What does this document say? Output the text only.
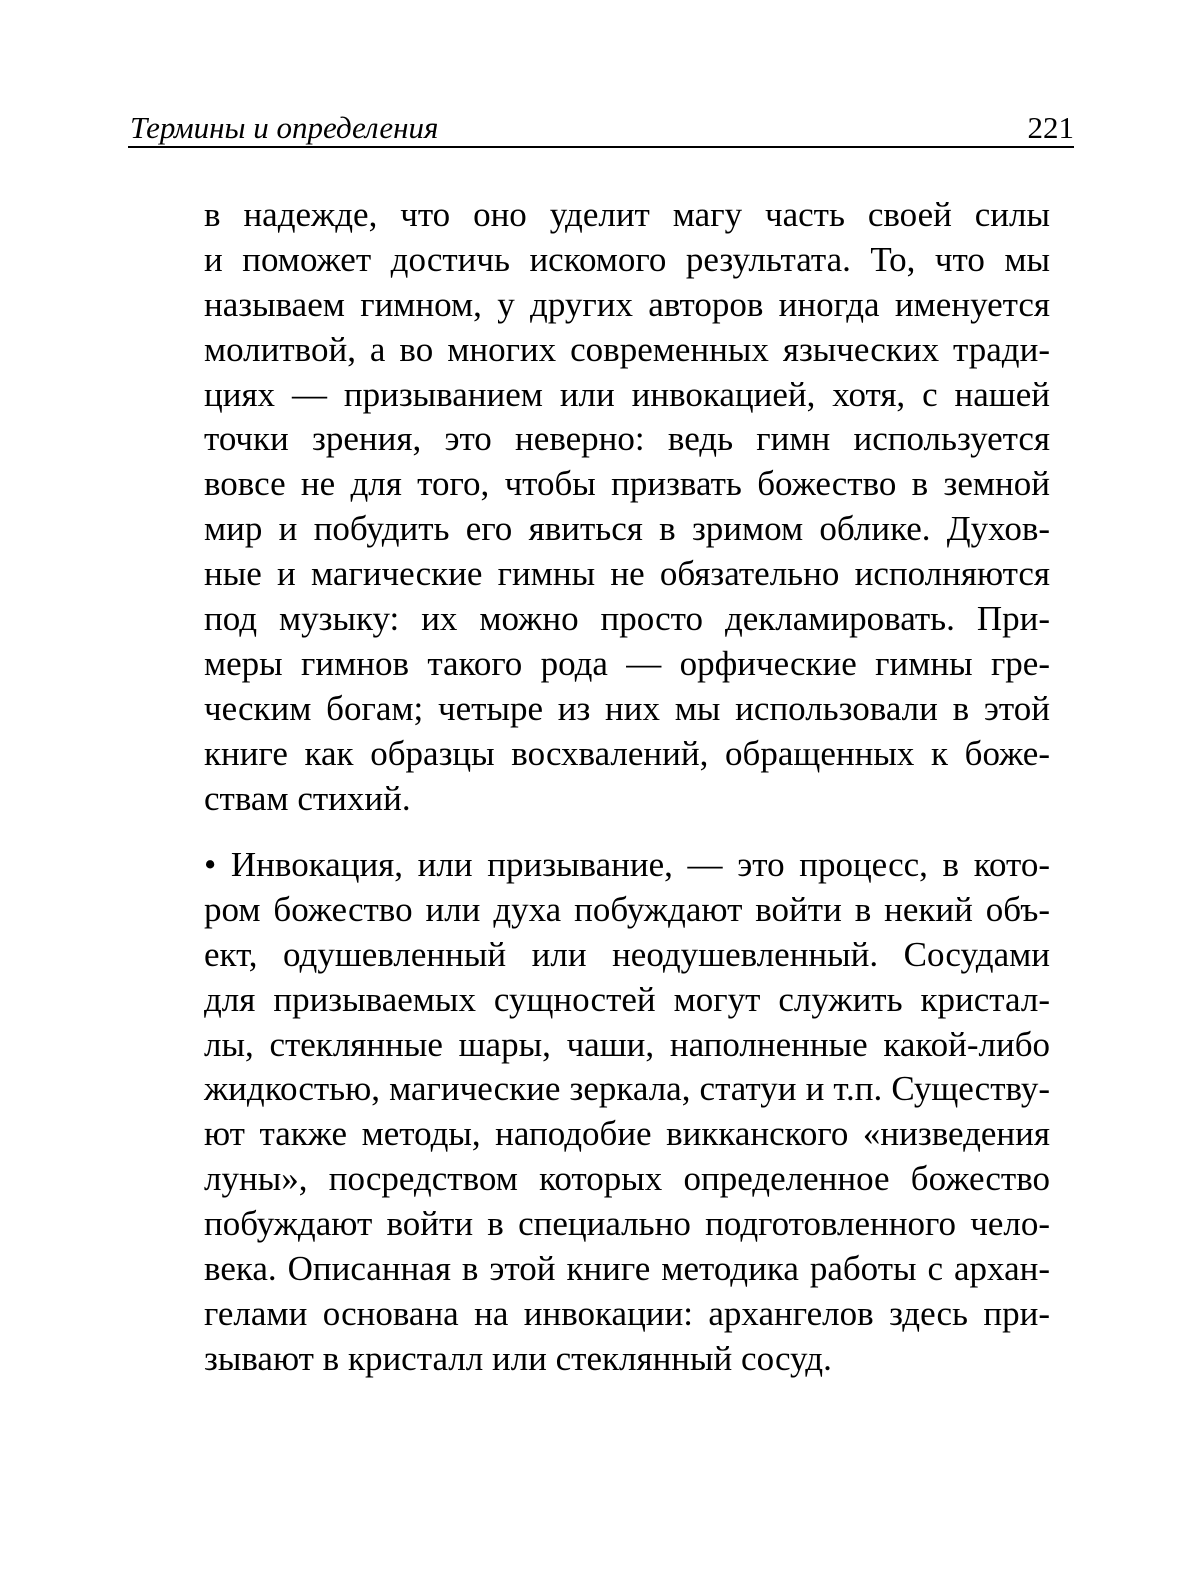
Термины и определения	221
в надежде, что оно уделит магу часть своей силы
и поможет достичь искомого результата. То, что мы
называем гимном, у других авторов иногда именуется
молитвой, а во многих современных языческих тради-
циях — призыванием или инвокацией, хотя, с нашей
точки зрения, это неверно: ведь гимн используется
вовсе не для того, чтобы призвать божество в земной
мир и побудить его явиться в зримом облике. Духов-
ные и магические гимны не обязательно исполняются
под музыку: их можно просто декламировать. При-
меры гимнов такого рода — орфические гимны гре-
ческим богам; четыре из них мы использовали в этой
книге как образцы восхвалений, обращенных к боже-
ствам стихий.
• Инвокация, или призывание, — это процесс, в кото-
ром божество или духа побуждают войти в некий объ-
ект, одушевленный или неодушевленный. Сосудами
для призываемых сущностей могут служить кристал-
лы, стеклянные шары, чаши, наполненные какой-либо
жидкостью, магические зеркала, статуи и т.п. Существу-
ют также методы, наподобие викканского «низведения
луны», посредством которых определенное божество
побуждают войти в специально подготовленного чело-
века. Описанная в этой книге методика работы с архан-
гелами основана на инвокации: архангелов здесь при-
зывают в кристалл или стеклянный сосуд.
